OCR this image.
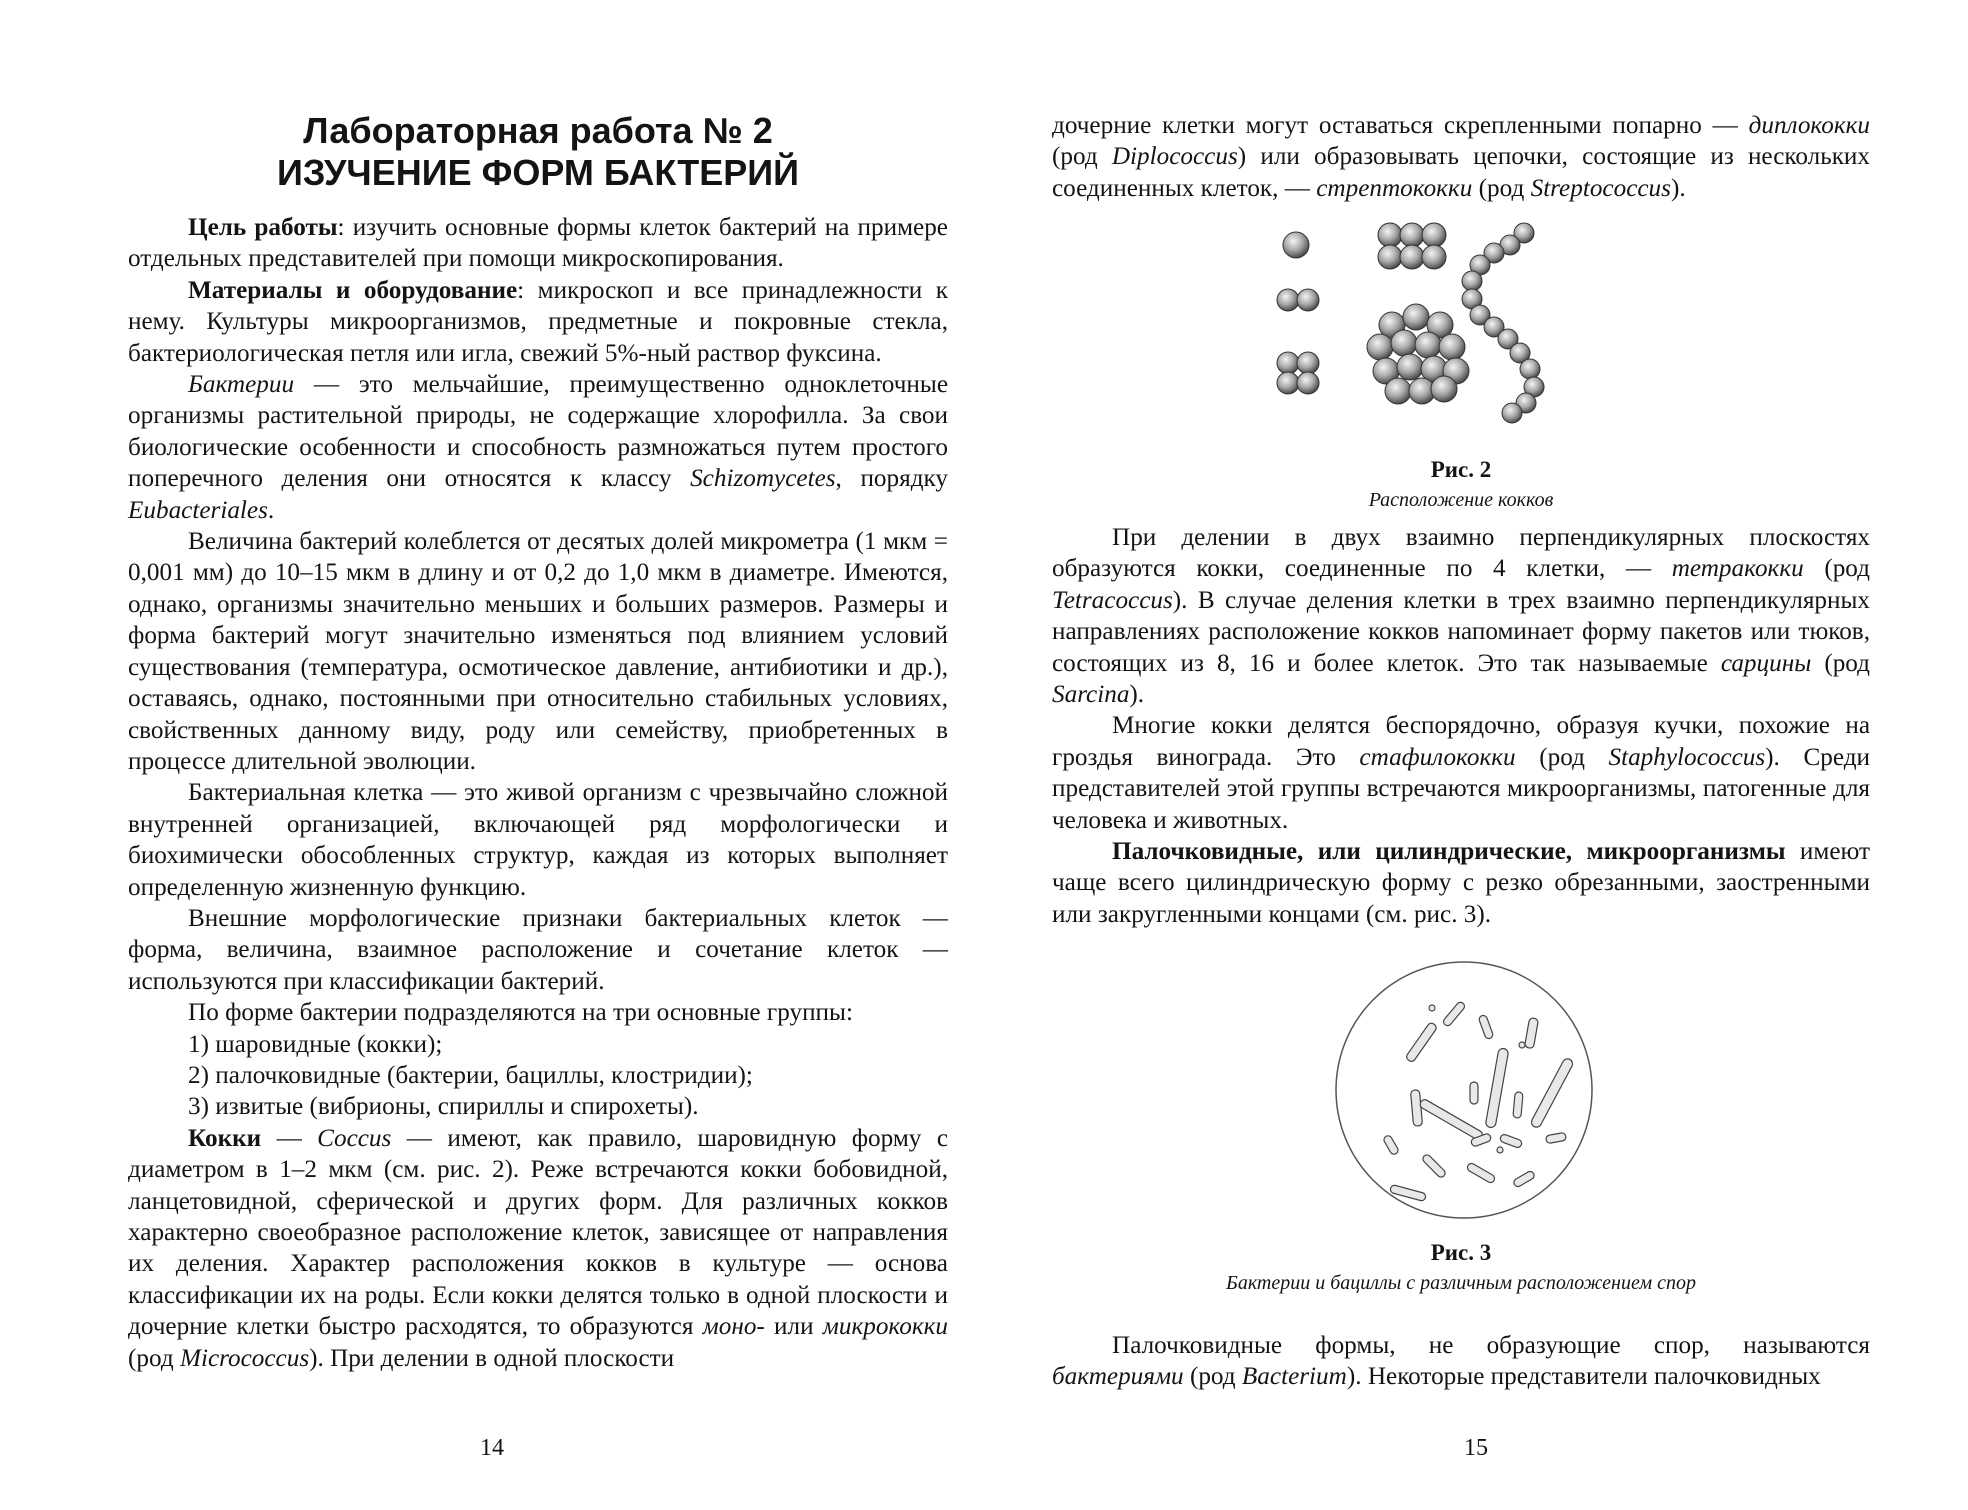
Лабораторная работа № 2
ИЗУЧЕНИЕ ФОРМ БАКТЕРИЙ

Цель работы: изучить основные формы клеток бактерий на примере отдельных представителей при помощи микроскопирования.

Материалы и оборудование: микроскоп и все принадлежности к нему. Культуры микроорганизмов, предметные и покровные стекла, бактериологическая петля или игла, свежий 5%-ный раствор фуксина.

Бактерии — это мельчайшие, преимущественно одноклеточные организмы растительной природы, не содержащие хлорофилла. За свои биологические особенности и способность размножаться путем простого поперечного деления они относятся к классу Schizomycetes, порядку Eubacteriales.

Величина бактерий колеблется от десятых долей микрометра (1 мкм = 0,001 мм) до 10–15 мкм в длину и от 0,2 до 1,0 мкм в диаметре. Имеются, однако, организмы значительно меньших и больших размеров. Размеры и форма бактерий могут значительно изменяться под влиянием условий существования (температура, осмотическое давление, антибиотики и др.), оставаясь, однако, постоянными при относительно стабильных условиях, свойственных данному виду, роду или семейству, приобретенных в процессе длительной эволюции.

Бактериальная клетка — это живой организм с чрезвычайно сложной внутренней организацией, включающей ряд морфологически и биохимически обособленных структур, каждая из которых выполняет определенную жизненную функцию.

Внешние морфологические признаки бактериальных клеток — форма, величина, взаимное расположение и сочетание клеток — используются при классификации бактерий.

По форме бактерии подразделяются на три основные группы:

1) шаровидные (кокки);

2) палочковидные (бактерии, бациллы, клостридии);

3) извитые (вибрионы, спириллы и спирохеты).

Кокки — Coccus — имеют, как правило, шаровидную форму с диаметром в 1–2 мкм (см. рис. 2). Реже встречаются кокки бобовидной, ланцетовидной, сферической и других форм. Для различных кокков характерно своеобразное расположение клеток, зависящее от направления их деления. Характер расположения кокков в культуре — основа классификации их на роды. Если кокки делятся только в одной плоскости и дочерние клетки быстро расходятся, то образуются моно- или микрококки (род Micrococcus). При делении в одной плоскости

14

дочерние клетки могут оставаться скрепленными попарно — диплококки (род Diplococcus) или образовывать цепочки, состоящие из нескольких соединенных клеток, — стрептококки (род Streptococcus).

Рис. 2
Расположение кокков

При делении в двух взаимно перпендикулярных плоскостях образуются кокки, соединенные по 4 клетки, — тетракокки (род Tetracoccus). В случае деления клетки в трех взаимно перпендикулярных направлениях расположение кокков напоминает форму пакетов или тюков, состоящих из 8, 16 и более клеток. Это так называемые сарцины (род Sarcina).

Многие кокки делятся беспорядочно, образуя кучки, похожие на гроздья винограда. Это стафилококки (род Staphylococcus). Среди представителей этой группы встречаются микроорганизмы, патогенные для человека и животных.

Палочковидные, или цилиндрические, микроорганизмы имеют чаще всего цилиндрическую форму с резко обрезанными, заостренными или закругленными концами (см. рис. 3).

Рис. 3
Бактерии и бациллы с различным расположением спор

Палочковидные формы, не образующие спор, называются бактериями (род Bacterium). Некоторые представители палочковидных

15
